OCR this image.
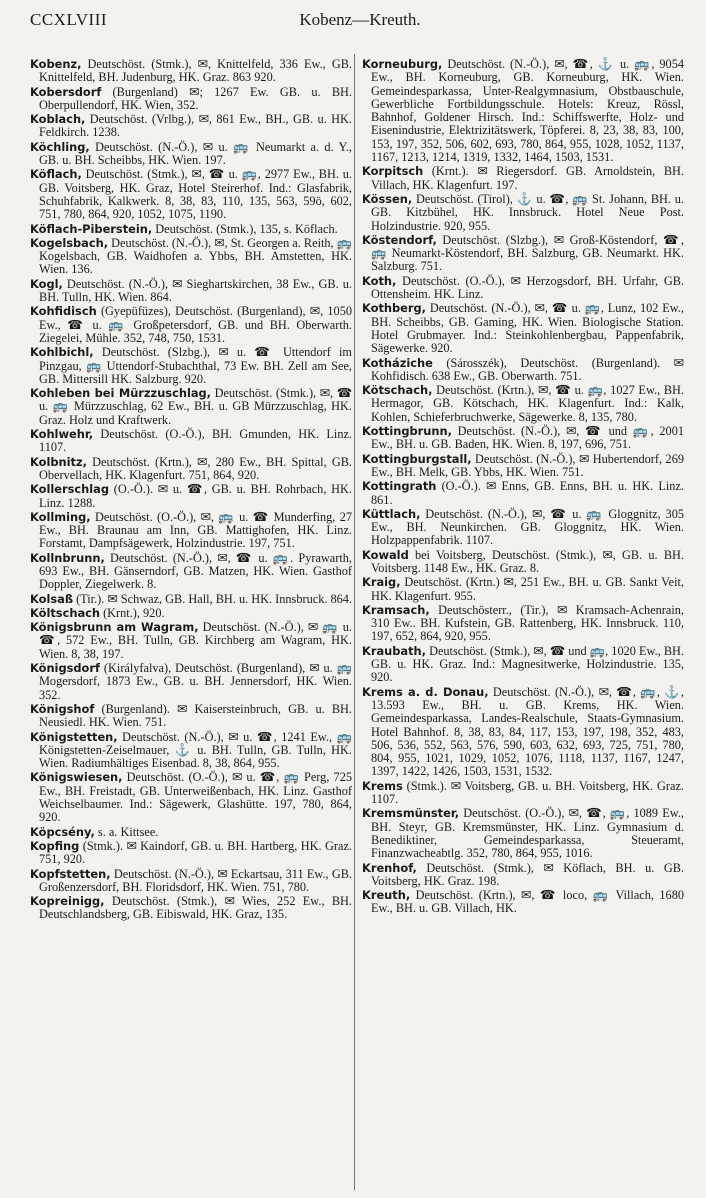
CCXLVIII	Kobenz—Kreuth.

Kobenz, Deutschöst. (Stmk.), ✉, Knittelfeld, 336 Ew., GB. Knittelfeld, BH. Judenburg, HK. Graz. 863 920.

Kobersdorf (Burgenland) ✉; 1267 Ew. GB. u. BH. Oberpullendorf, HK. Wien, 352.

Koblach, Deutschöst. (Vrlbg.), ✉, 861 Ew., BH., GB. u. HK. Feldkirch. 1238.

Köchling, Deutschöst. (N.-Ö.), ✉ u. 🚌 Neumarkt a. d. Y., GB. u. BH. Scheibbs, HK. Wien. 197.

Köflach, Deutschöst. (Stmk.), ✉, ☎ u. 🚌, 2977 Ew., BH. u. GB. Voitsberg, HK. Graz, Hotel Steirerhof. Ind.: Glasfabrik, Schuhfabrik, Kalkwerk. 8, 38, 83, 110, 135, 563, 59ö, 602, 751, 780, 864, 920, 1052, 1075, 1190.

Köflach-Piberstein, Deutschöst. (Stmk.), 135, s. Köflach.

Kogelsbach, Deutschöst. (N.-Ö.), ✉, St. Georgen a. Reith, 🚌 Kogelsbach, GB. Waidhofen a. Ybbs, BH. Amstetten, HK. Wien. 136.

Kogl, Deutschöst. (N.-Ö.), ✉ Sieghartskirchen, 38 Ew., GB. u. BH. Tulln, HK. Wien. 864.

Kohfidisch (Gyepüfüzes), Deutschöst. (Burgenland), ✉, 1050 Ew., ☎ u. 🚌 Großpetersdorf, GB. und BH. Oberwarth. Ziegelei, Mühle. 352, 748, 750, 1531.

Kohlbichl, Deutschöst. (Slzbg.), ✉ u. ☎ Uttendorf im Pinzgau, 🚌 Uttendorf-Stubachthal, 73 Ew. BH. Zell am See, GB. Mittersill HK. Salzburg. 920.

Kohleben bei Mürzzuschlag, Deutschöst. (Stmk.), ✉, ☎ u. 🚌 Mürzzuschlag, 62 Ew., BH. u. GB Mürzzuschlag, HK. Graz. Holz und Kraftwerk.

Kohlwehr, Deutschöst. (O.-Ö.), BH. Gmunden, HK. Linz. 1107.

Kolbnitz, Deutschöst. (Krtn.), ✉, 280 Ew., BH. Spittal, GB. Obervellach, HK. Klagenfurt. 751, 864, 920.

Kollerschlag (O.-Ö.). ✉ u. ☎, GB. u. BH. Rohrbach, HK. Linz. 1288.

Kollming, Deutschöst. (O.-Ö.), ✉, 🚌 u. ☎ Munderfing, 27 Ew., BH. Braunau am Inn, GB. Mattighofen, HK. Linz. Forstamt, Dampfsägewerk, Holzindustrie. 197, 751.

Kollnbrunn, Deutschöst. (N.-Ö.), ✉, ☎ u. 🚌. Pyrawarth, 693 Ew., BH. Gänserndorf, GB. Matzen, HK. Wien. Gasthof Doppler, Ziegelwerk. 8.

Kolsaß (Tir.). ✉ Schwaz, GB. Hall, BH. u. HK. Innsbruck. 864.

Költschach (Krnt.), 920.

Königsbrunn am Wagram, Deutschöst. (N.-Ö.), ✉ 🚌 u. ☎, 572 Ew., BH. Tulln, GB. Kirchberg am Wagram, HK. Wien. 8, 38, 197.

Königsdorf (Királyfalva), Deutschöst. (Burgenland), ✉ u. 🚌 Mogersdorf, 1873 Ew., GB. u. BH. Jennersdorf, HK. Wien. 352.

Königshof (Burgenland). ✉ Kaisersteinbruch, GB. u. BH. Neusiedl. HK. Wien. 751.

Königstetten, Deutschöst. (N.-Ö.), ✉ u. ☎, 1241 Ew., 🚌 Königstetten-Zeiselmauer, ⚓ u. BH. Tulln, GB. Tulln, HK. Wien. Radiumhältiges Eisenbad. 8, 38, 864, 955.

Königswiesen, Deutschöst. (O.-Ö.), ✉ u. ☎, 🚌 Perg, 725 Ew., BH. Freistadt, GB. Unterweißenbach, HK. Linz. Gasthof Weichselbaumer. Ind.: Sägewerk, Glashütte. 197, 780, 864, 920.

Köpcsény, s. a. Kittsee.

Kopfing (Stmk.). ✉ Kaindorf, GB. u. BH. Hartberg, HK. Graz. 751, 920.

Kopfstetten, Deutschöst. (N.-Ö.), ✉ Eckartsau, 311 Ew., GB. Großenzersdorf, BH. Floridsdorf, HK. Wien. 751, 780.

Kopreinigg, Deutschöst. (Stmk.), ✉ Wies, 252 Ew., BH. Deutschlandsberg, GB. Eibiswald, HK. Graz, 135.

Korneuburg, Deutschöst. (N.-Ö.), ✉, ☎, ⚓ u. 🚌, 9054 Ew., BH. Korneuburg, GB. Korneuburg, HK. Wien. Gemeindesparkassa, Unter-Realgymnasium, Obstbauschule, Gewerbliche Fortbildungsschule. Hotels: Kreuz, Rössl, Bahnhof, Goldener Hirsch. Ind.: Schiffswerfte, Holz- und Eisenindustrie, Elektrizitätswerk, Töpferei. 8, 23, 38, 83, 100, 153, 197, 352, 506, 602, 693, 780, 864, 955, 1028, 1052, 1137, 1167, 1213, 1214, 1319, 1332, 1464, 1503, 1531.

Korpitsch (Krnt.). ✉ Riegersdorf. GB. Arnoldstein, BH. Villach, HK. Klagenfurt. 197.

Kössen, Deutschöst. (Tirol), ⚓ u. ☎, 🚌 St. Johann, BH. u. GB. Kitzbühel, HK. Innsbruck. Hotel Neue Post. Holzindustrie. 920, 955.

Köstendorf, Deutschöst. (Slzbg.), ✉ Groß-Köstendorf, ☎, 🚌 Neumarkt-Köstendorf, BH. Salzburg, GB. Neumarkt. HK. Salzburg. 751.

Koth, Deutschöst. (O.-Ö.), ✉ Herzogsdorf, BH. Urfahr, GB. Ottensheim. HK. Linz.

Kothberg, Deutschöst. (N.-Ö.), ✉, ☎ u. 🚌, Lunz, 102 Ew., BH. Scheibbs, GB. Gaming, HK. Wien. Biologische Station. Hotel Grubmayer. Ind.: Steinkohlenbergbau, Pappenfabrik, Sägewerke. 920.

Kotháziche (Sárosszék), Deutschöst. (Burgenland). ✉ Kohfidisch. 638 Ew., GB. Oberwarth. 751.

Kötschach, Deutschöst. (Krtn.), ✉, ☎ u. 🚌, 1027 Ew., BH. Hermagor, GB. Kötschach, HK. Klagenfurt. Ind.: Kalk, Kohlen, Schieferbruchwerke, Sägewerke. 8, 135, 780.

Kottingbrunn, Deutschöst. (N.-Ö.), ✉, ☎ und 🚌, 2001 Ew., BH. u. GB. Baden, HK. Wien. 8, 197, 696, 751.

Kottingburgstall, Deutschöst. (N.-Ö.), ✉ Hubertendorf, 269 Ew., BH. Melk, GB. Ybbs, HK. Wien. 751.

Kottingrath (O.-Ö.). ✉ Enns, GB. Enns, BH. u. HK. Linz. 861.

Küttlach, Deutschöst. (N.-Ö.), ✉, ☎ u. 🚌 Gloggnitz, 305 Ew., BH. Neunkirchen. GB. Gloggnitz, HK. Wien. Holzpappenfabrik. 1107.

Kowald bei Voitsberg, Deutschöst. (Stmk.), ✉, GB. u. BH. Voitsberg. 1148 Ew., HK. Graz. 8.

Kraig, Deutschöst. (Krtn.) ✉, 251 Ew., BH. u. GB. Sankt Veit, HK. Klagenfurt. 955.

Kramsach, Deutschösterr., (Tir.), ✉ Kramsach-Achenrain, 310 Ew.. BH. Kufstein, GB. Rattenberg, HK. Innsbruck. 110, 197, 652, 864, 920, 955.

Kraubath, Deutschöst. (Stmk.), ✉, ☎ und 🚌, 1020 Ew., BH. GB. u. HK. Graz. Ind.: Magnesitwerke, Holzindustrie. 135, 920.

Krems a. d. Donau, Deutschöst. (N.-Ö.), ✉, ☎, 🚌, ⚓, 13.593 Ew., BH. u. GB. Krems, HK. Wien. Gemeindesparkassa, Landes-Realschule, Staats-Gymnasium. Hotel Bahnhof. 8, 38, 83, 84, 117, 153, 197, 198, 352, 483, 506, 536, 552, 563, 576, 590, 603, 632, 693, 725, 751, 780, 804, 955, 1021, 1029, 1052, 1076, 1118, 1137, 1167, 1247, 1397, 1422, 1426, 1503, 1531, 1532.

Krems (Stmk.). ✉ Voitsberg, GB. u. BH. Voitsberg, HK. Graz. 1107.

Kremsmünster, Deutschöst. (O.-Ö.), ✉, ☎, 🚌, 1089 Ew., BH. Steyr, GB. Kremsmünster, HK. Linz. Gymnasium d. Benediktiner, Gemeindesparkassa, Steueramt, Finanzwacheabtlg. 352, 780, 864, 955, 1016.

Krenhof, Deutschöst. (Stmk.), ✉ Köflach, BH. u. GB. Voitsberg, HK. Graz. 198.

Kreuth, Deutschöst. (Krtn.), ✉, ☎ loco, 🚌 Villach, 1680 Ew., BH. u. GB. Villach, HK.
